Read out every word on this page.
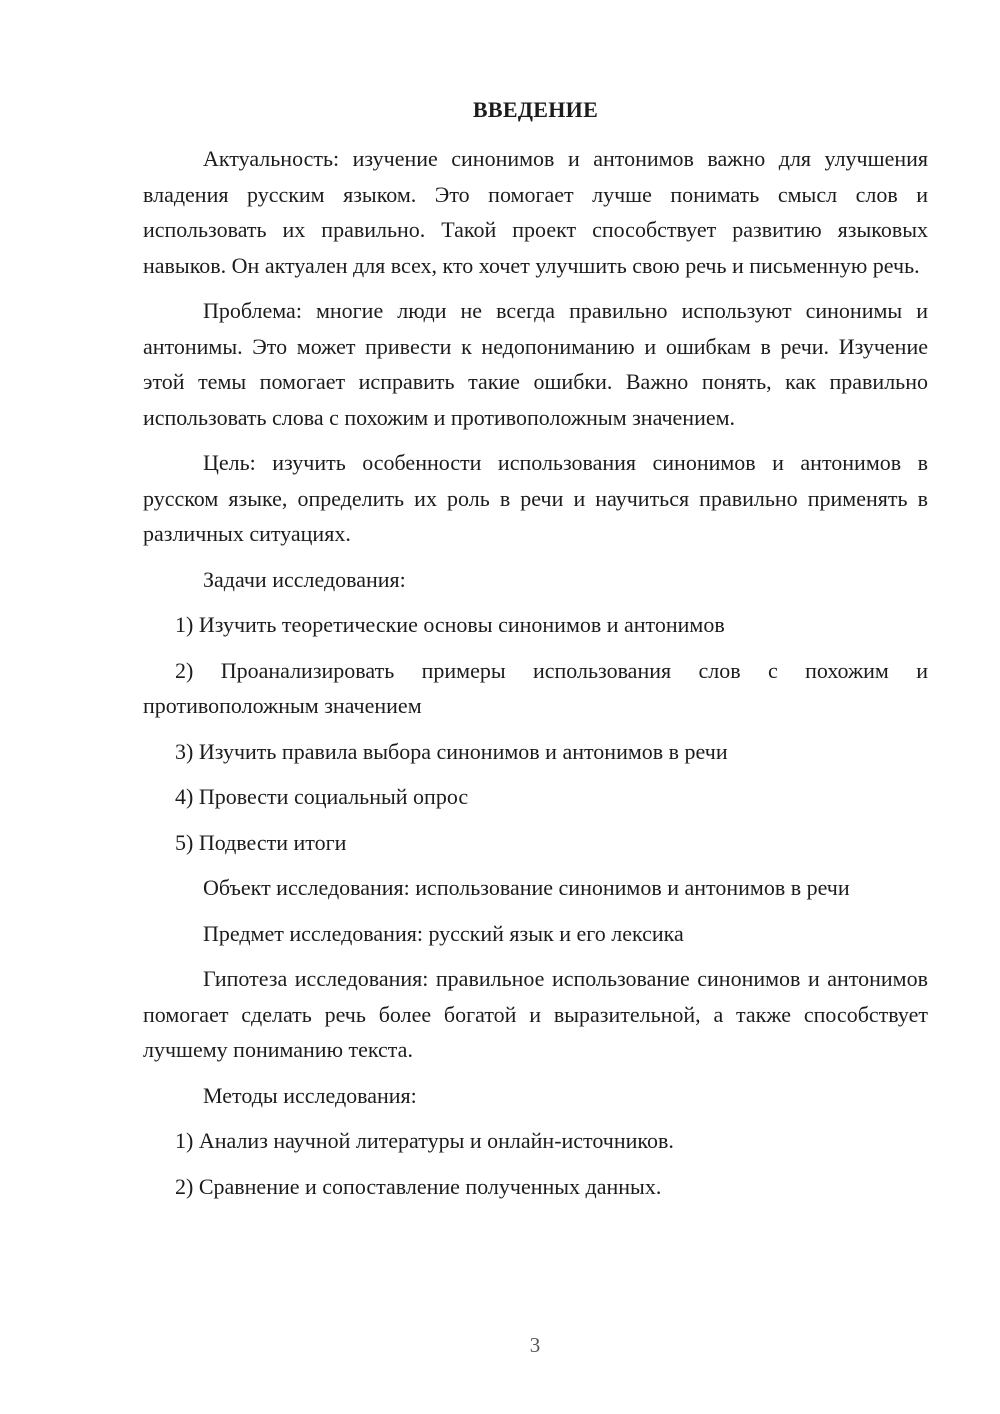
ВВЕДЕНИЕ

Актуальность: изучение синонимов и антонимов важно для улучшения владения русским языком. Это помогает лучше понимать смысл слов и использовать их правильно. Такой проект способствует развитию языковых навыков. Он актуален для всех, кто хочет улучшить свою речь и письменную речь.

Проблема: многие люди не всегда правильно используют синонимы и антонимы. Это может привести к недопониманию и ошибкам в речи. Изучение этой темы помогает исправить такие ошибки. Важно понять, как правильно использовать слова с похожим и противоположным значением.

Цель: изучить особенности использования синонимов и антонимов в русском языке, определить их роль в речи и научиться правильно применять в различных ситуациях.

Задачи исследования:

1) Изучить теоретические основы синонимов и антонимов

2) Проанализировать примеры использования слов с похожим и противоположным значением

3) Изучить правила выбора синонимов и антонимов в речи

4) Провести социальный опрос

5) Подвести итоги

Объект исследования: использование синонимов и антонимов в речи

Предмет исследования: русский язык и его лексика

Гипотеза исследования: правильное использование синонимов и антонимов помогает сделать речь более богатой и выразительной, а также способствует лучшему пониманию текста.

Методы исследования:

1) Анализ научной литературы и онлайн-источников.

2) Сравнение и сопоставление полученных данных.

3
